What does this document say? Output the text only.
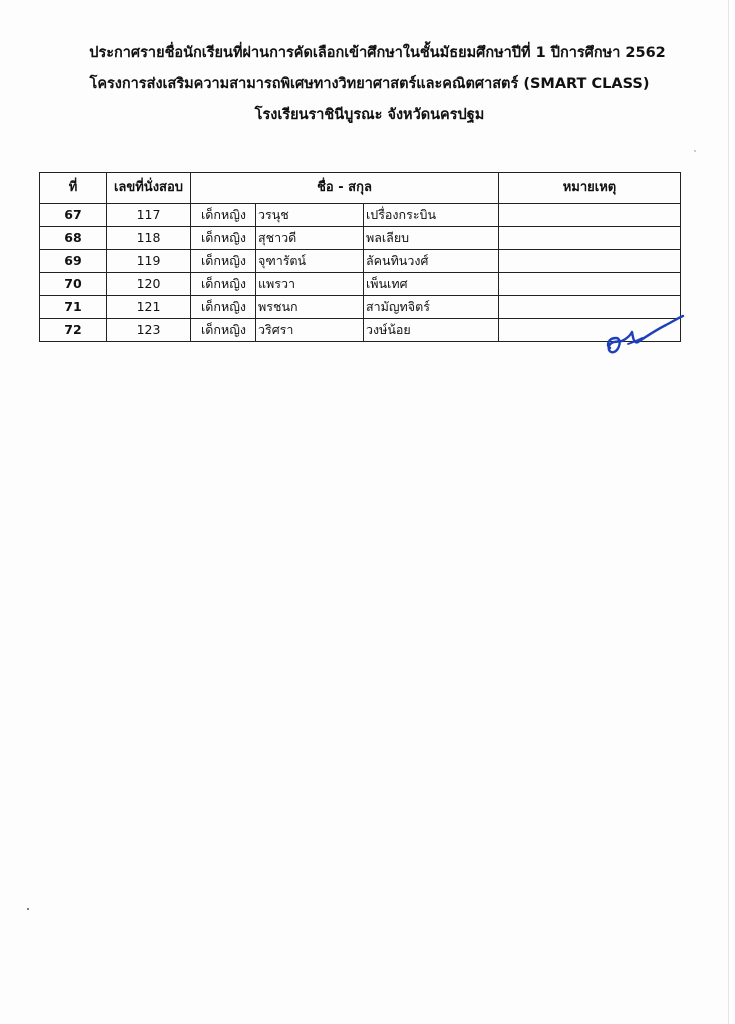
ประกาศรายชื่อนักเรียนที่ผ่านการคัดเลือกเข้าศึกษาในชั้นมัธยมศึกษาปีที่ 1 ปีการศึกษา 2562
โครงการส่งเสริมความสามารถพิเศษทางวิทยาศาสตร์และคณิตศาสตร์ (SMART CLASS)
โรงเรียนราชินีบูรณะ จังหวัดนครปฐม
ที่	เลขที่นั่งสอบ	ชื่อ - สกุล			หมายเหตุ
67	117	เด็กหญิง	วรนุช	เปรื่องกระบิน	
68	118	เด็กหญิง	สุชาวดี	พลเลียบ	
69	119	เด็กหญิง	จุฑารัตน์	ลัคนทินวงศ์	
70	120	เด็กหญิง	แพรวา	เพ็นเทศ	
71	121	เด็กหญิง	พรชนก	สามัญทจิตร์	
72	123	เด็กหญิง	วริศรา	วงษ์น้อย	
